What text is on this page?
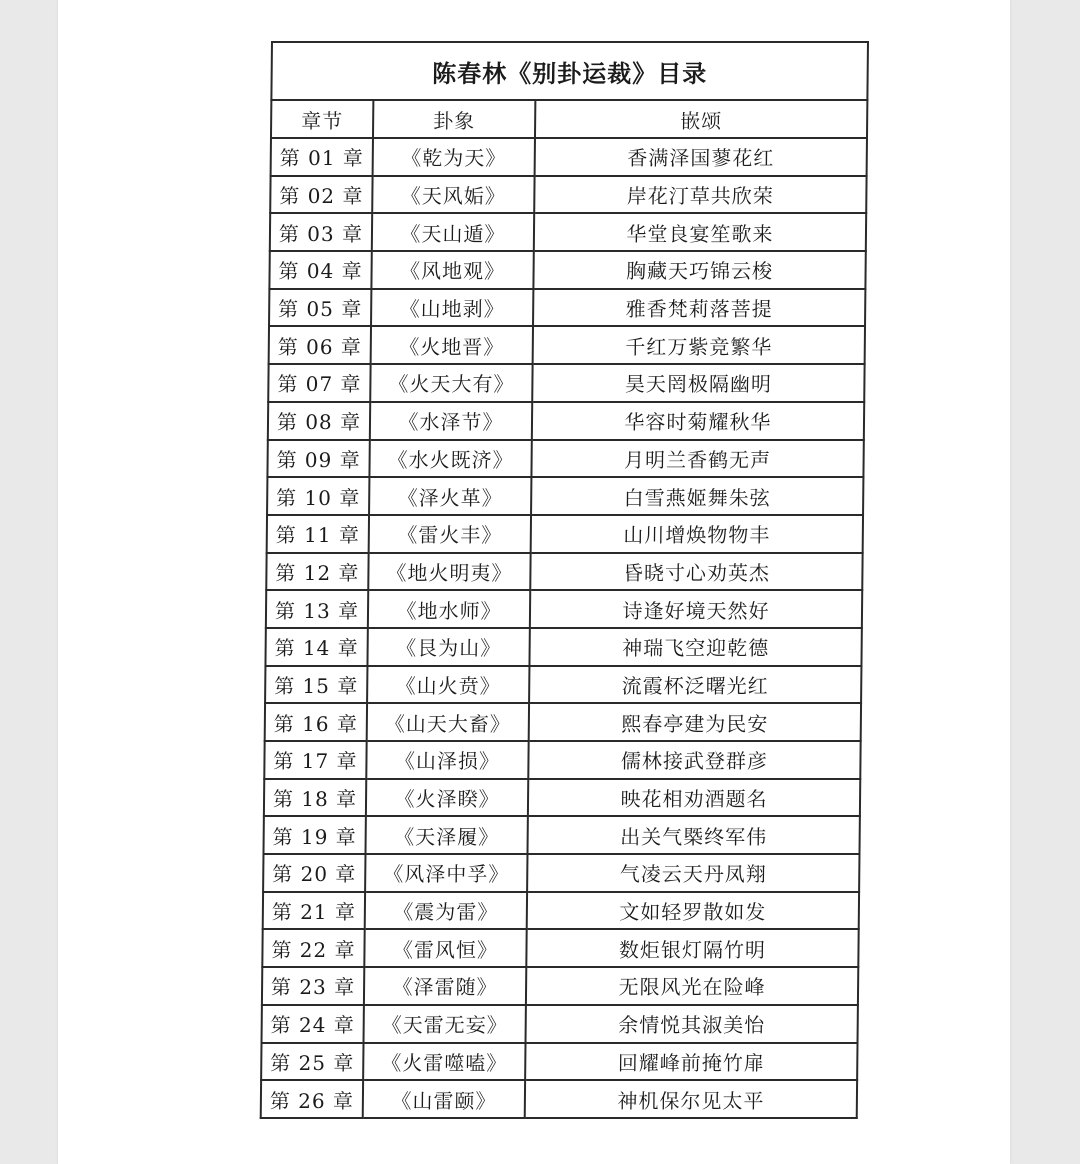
陈春林《别卦运裁》目录		
章节	卦象	嵌颂
第 01 章	《乾为天》	香满泽国蓼花红
第 02 章	《天风姤》	岸花汀草共欣荣
第 03 章	《天山遁》	华堂良宴笙歌来
第 04 章	《风地观》	胸藏天巧锦云梭
第 05 章	《山地剥》	雅香梵莉落菩提
第 06 章	《火地晋》	千红万紫竞繁华
第 07 章	《火天大有》	昊天罔极隔幽明
第 08 章	《水泽节》	华容时菊耀秋华
第 09 章	《水火既济》	月明兰香鹤无声
第 10 章	《泽火革》	白雪燕姬舞朱弦
第 11 章	《雷火丰》	山川增焕物物丰
第 12 章	《地火明夷》	昏晓寸心劝英杰
第 13 章	《地水师》	诗逢好境天然好
第 14 章	《艮为山》	神瑞飞空迎乾德
第 15 章	《山火贲》	流霞杯泛曙光红
第 16 章	《山天大畜》	熙春亭建为民安
第 17 章	《山泽损》	儒林接武登群彦
第 18 章	《火泽睽》	映花相劝酒题名
第 19 章	《天泽履》	出关气槩终军伟
第 20 章	《风泽中孚》	气凌云天丹凤翔
第 21 章	《震为雷》	文如轻罗散如发
第 22 章	《雷风恒》	数炬银灯隔竹明
第 23 章	《泽雷随》	无限风光在险峰
第 24 章	《天雷无妄》	余情悦其淑美怡
第 25 章	《火雷噬嗑》	回耀峰前掩竹扉
第 26 章	《山雷颐》	神机保尔见太平
